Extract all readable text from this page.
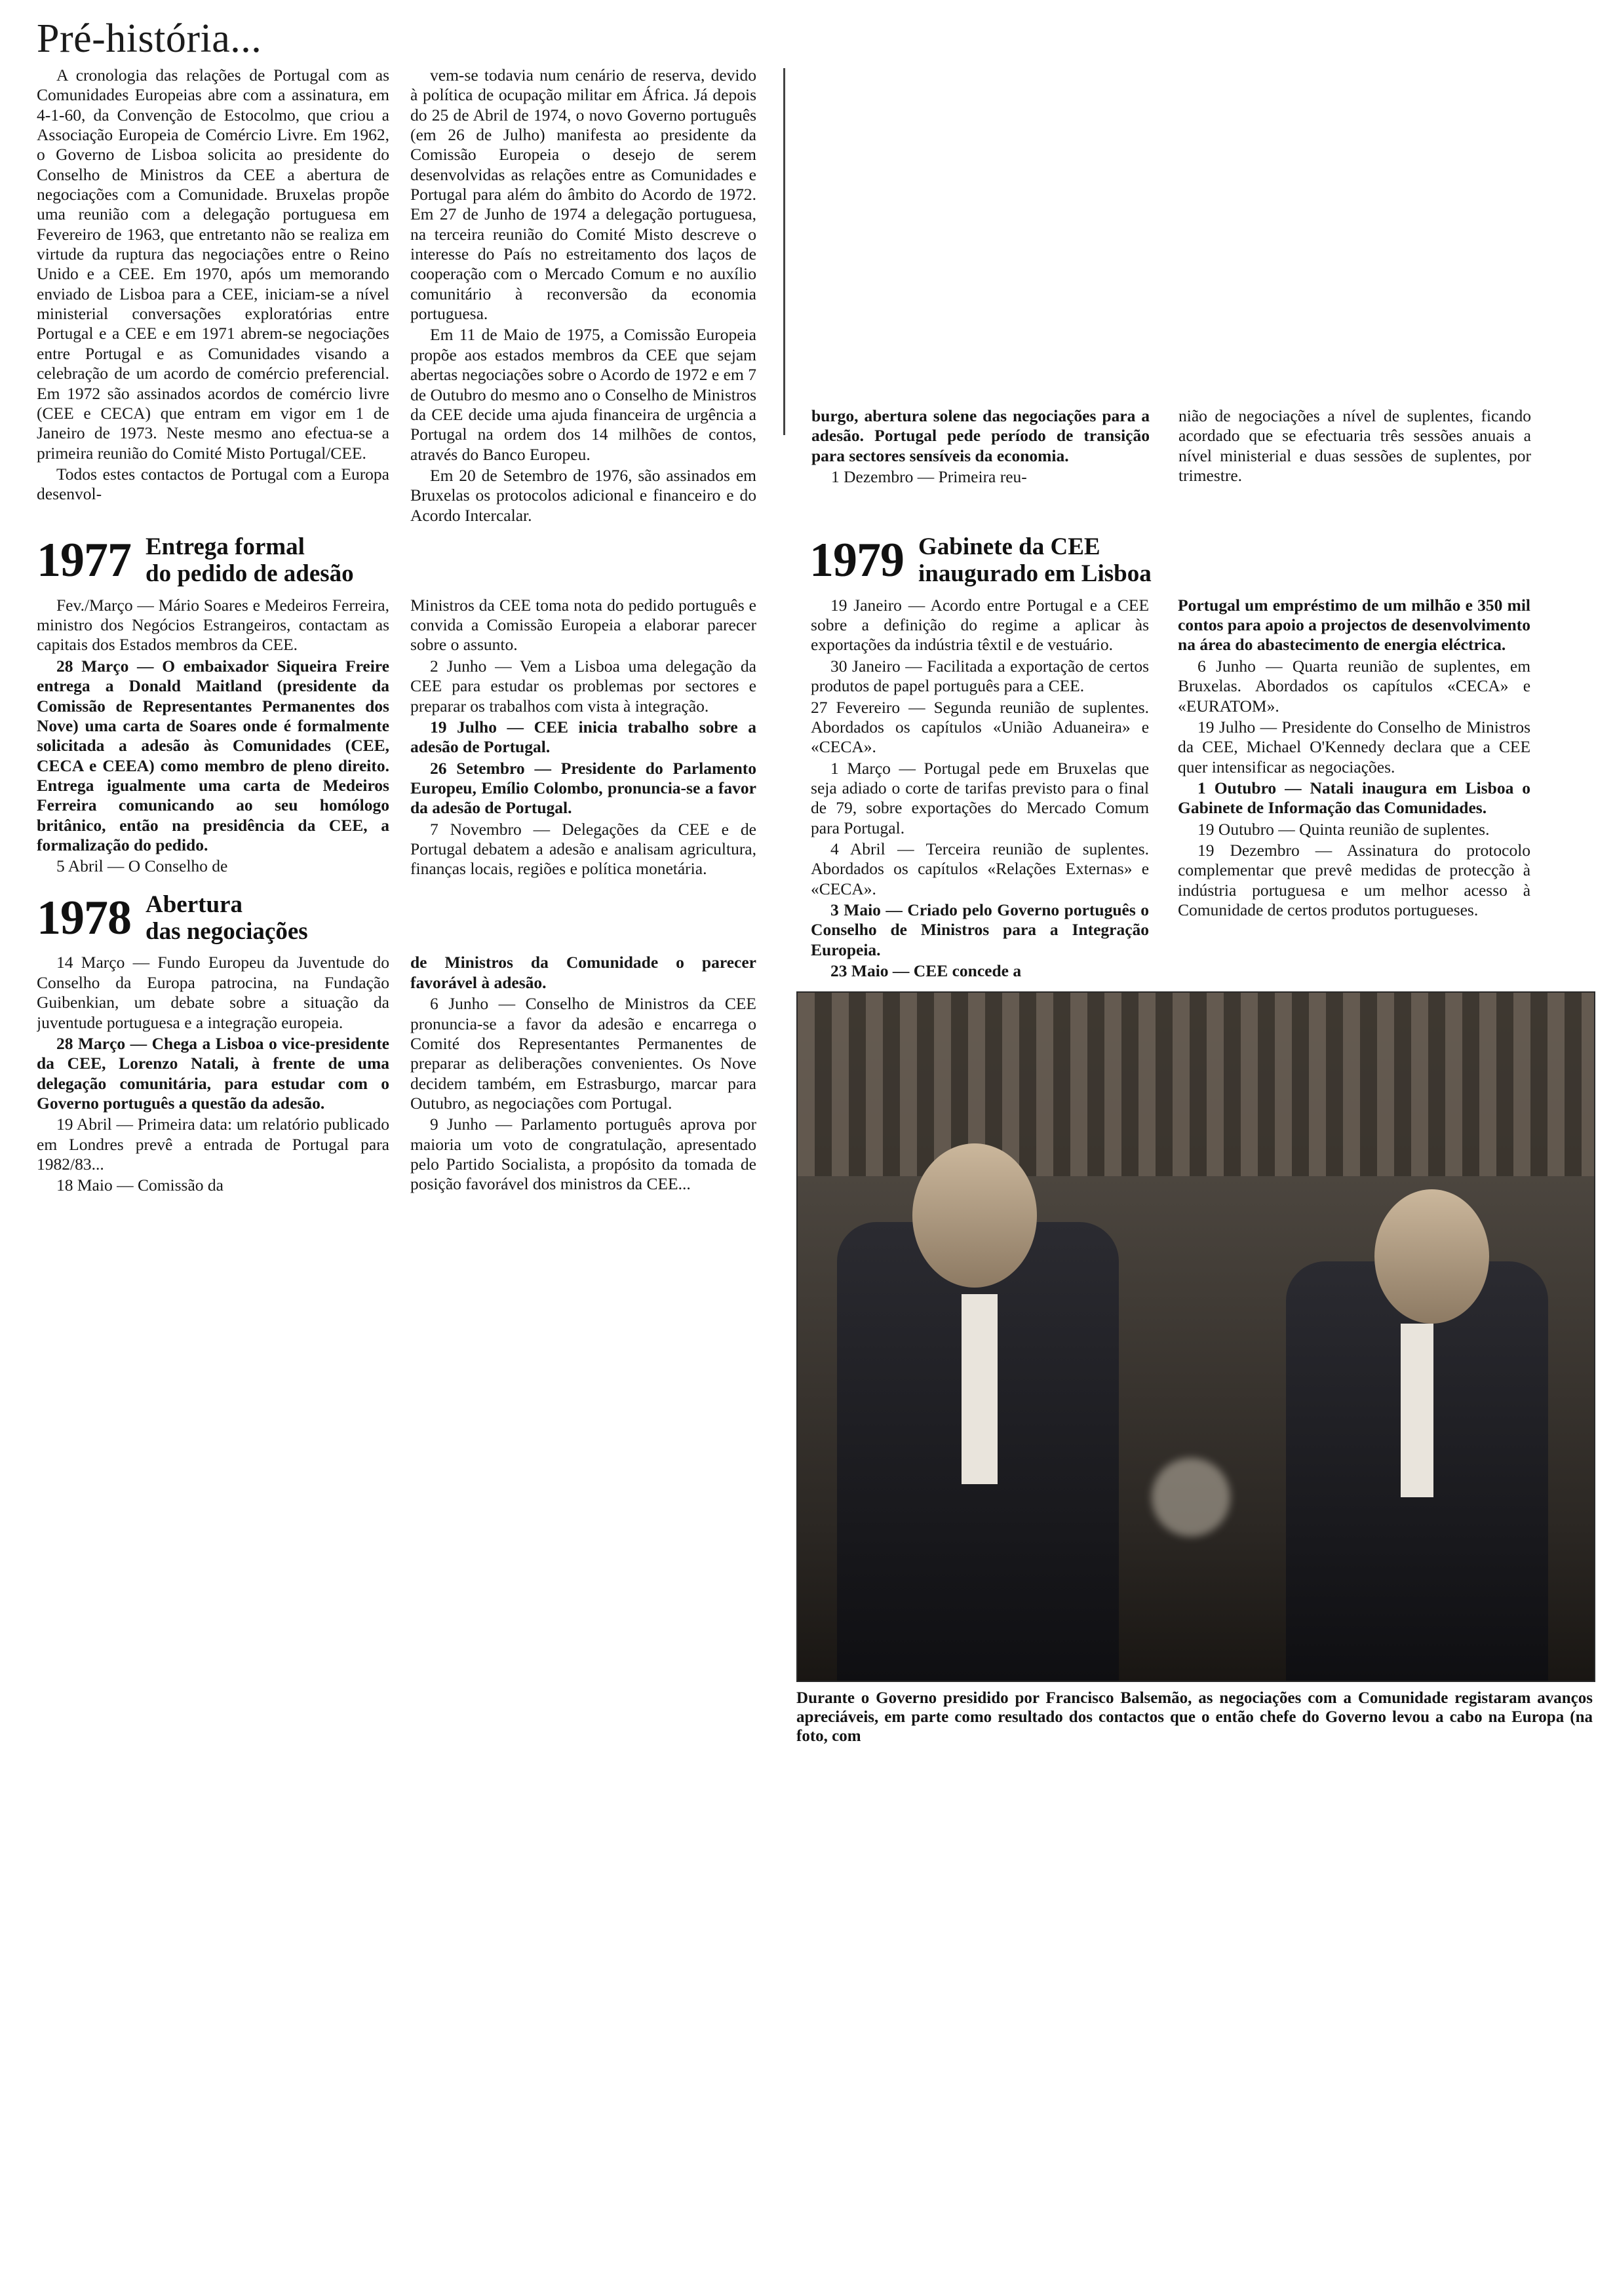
Pré-história...

A cronologia das relações de Portugal com as Comunidades Europeias abre com a assinatura, em 4-1-60, da Convenção de Estocolmo, que criou a Associação Europeia de Comércio Livre. Em 1962, o Governo de Lisboa solicita ao presidente do Conselho de Ministros da CEE a abertura de negociações com a Comunidade. Bruxelas propõe uma reunião com a delegação portuguesa em Fevereiro de 1963, que entretanto não se realiza em virtude da ruptura das negociações entre o Reino Unido e a CEE. Em 1970, após um memorando enviado de Lisboa para a CEE, iniciam-se a nível ministerial conversações exploratórias entre Portugal e a CEE e em 1971 abrem-se negociações entre Portugal e as Comunidades visando a celebração de um acordo de comércio preferencial. Em 1972 são assinados acordos de comércio livre (CEE e CECA) que entram em vigor em 1 de Janeiro de 1973. Neste mesmo ano efectua-se a primeira reunião do Comité Misto Portugal/CEE.

Todos estes contactos de Portugal com a Europa desenvol-

vem-se todavia num cenário de reserva, devido à política de ocupação militar em África. Já depois do 25 de Abril de 1974, o novo Governo português (em 26 de Julho) manifesta ao presidente da Comissão Europeia o desejo de serem desenvolvidas as relações entre as Comunidades e Portugal para além do âmbito do Acordo de 1972. Em 27 de Junho de 1974 a delegação portuguesa, na terceira reunião do Comité Misto descreve o interesse do País no estreitamento dos laços de cooperação com o Mercado Comum e no auxílio comunitário à reconversão da economia portuguesa.

Em 11 de Maio de 1975, a Comissão Europeia propõe aos estados membros da CEE que sejam abertas negociações sobre o Acordo de 1972 e em 7 de Outubro do mesmo ano o Conselho de Ministros da CEE decide uma ajuda financeira de urgência a Portugal na ordem dos 14 milhões de contos, através do Banco Europeu.

Em 20 de Setembro de 1976, são assinados em Bruxelas os protocolos adicional e financeiro e do Acordo Intercalar.

burgo, abertura solene das negociações para a adesão. Portugal pede período de transição para sectores sensíveis da economia.

1 Dezembro — Primeira reu-

nião de negociações a nível de suplentes, ficando acordado que se efectuaria três sessões anuais a nível ministerial e duas sessões de suplentes, por trimestre.

1977 Entrega formal
do pedido de adesão

Fev./Março — Mário Soares e Medeiros Ferreira, ministro dos Negócios Estrangeiros, contactam as capitais dos Estados membros da CEE.

28 Março — O embaixador Siqueira Freire entrega a Donald Maitland (presidente da Comissão de Representantes Permanentes dos Nove) uma carta de Soares onde é formalmente solicitada a adesão às Comunidades (CEE, CECA e CEEA) como membro de pleno direito. Entrega igualmente uma carta de Medeiros Ferreira comunicando ao seu homólogo britânico, então na presidência da CEE, a formalização do pedido.

5 Abril — O Conselho de

Ministros da CEE toma nota do pedido português e convida a Comissão Europeia a elaborar parecer sobre o assunto.

2 Junho — Vem a Lisboa uma delegação da CEE para estudar os problemas por sectores e preparar os trabalhos com vista à integração.

19 Julho — CEE inicia trabalho sobre a adesão de Portugal.

26 Setembro — Presidente do Parlamento Europeu, Emílio Colombo, pronuncia-se a favor da adesão de Portugal.

7 Novembro — Delegações da CEE e de Portugal debatem a adesão e analisam agricultura, finanças locais, regiões e política monetária.

1978 Abertura
das negociações

14 Março — Fundo Europeu da Juventude do Conselho da Europa patrocina, na Fundação Guibenkian, um debate sobre a situação da juventude portuguesa e a integração europeia.

28 Março — Chega a Lisboa o vice-presidente da CEE, Lorenzo Natali, à frente de uma delegação comunitária, para estudar com o Governo português a questão da adesão.

19 Abril — Primeira data: um relatório publicado em Londres prevê a entrada de Portugal para 1982/83...

18 Maio — Comissão da

de Ministros da Comunidade o parecer favorável à adesão.

6 Junho — Conselho de Ministros da CEE pronuncia-se a favor da adesão e encarrega o Comité dos Representantes Permanentes de preparar as deliberações convenientes. Os Nove decidem também, em Estrasburgo, marcar para Outubro, as negociações com Portugal.

9 Junho — Parlamento português aprova por maioria um voto de congratulação, apresentado pelo Partido Socialista, a propósito da tomada de posição favorável dos ministros da CEE...

1979 Gabinete da CEE
inaugurado em Lisboa

19 Janeiro — Acordo entre Portugal e a CEE sobre a definição do regime a aplicar às exportações da indústria têxtil e de vestuário.

30 Janeiro — Facilitada a exportação de certos produtos de papel português para a CEE.

27 Fevereiro — Segunda reunião de suplentes. Abordados os capítulos «União Aduaneira» e «CECA».

1 Março — Portugal pede em Bruxelas que seja adiado o corte de tarifas previsto para o final de 79, sobre exportações do Mercado Comum para Portugal.

4 Abril — Terceira reunião de suplentes. Abordados os capítulos «Relações Externas» e «CECA».

3 Maio — Criado pelo Governo português o Conselho de Ministros para a Integração Europeia.

23 Maio — CEE concede a

Portugal um empréstimo de um milhão e 350 mil contos para apoio a projectos de desenvolvimento na área do abastecimento de energia eléctrica.

6 Junho — Quarta reunião de suplentes, em Bruxelas. Abordados os capítulos «CECA» e «EURATOM».

19 Julho — Presidente do Conselho de Ministros da CEE, Michael O'Kennedy declara que a CEE quer intensificar as negociações.

1 Outubro — Natali inaugura em Lisboa o Gabinete de Informação das Comunidades.

19 Outubro — Quinta reunião de suplentes.

19 Dezembro — Assinatura do protocolo complementar que prevê medidas de protecção à indústria portuguesa e um melhor acesso à Comunidade de certos produtos portugueses.

Durante o Governo presidido por Francisco Balsemão, as negociações com a Comunidade registaram avanços apreciáveis, em parte como resultado dos contactos que o então chefe do Governo levou a cabo na Europa (na foto, com
